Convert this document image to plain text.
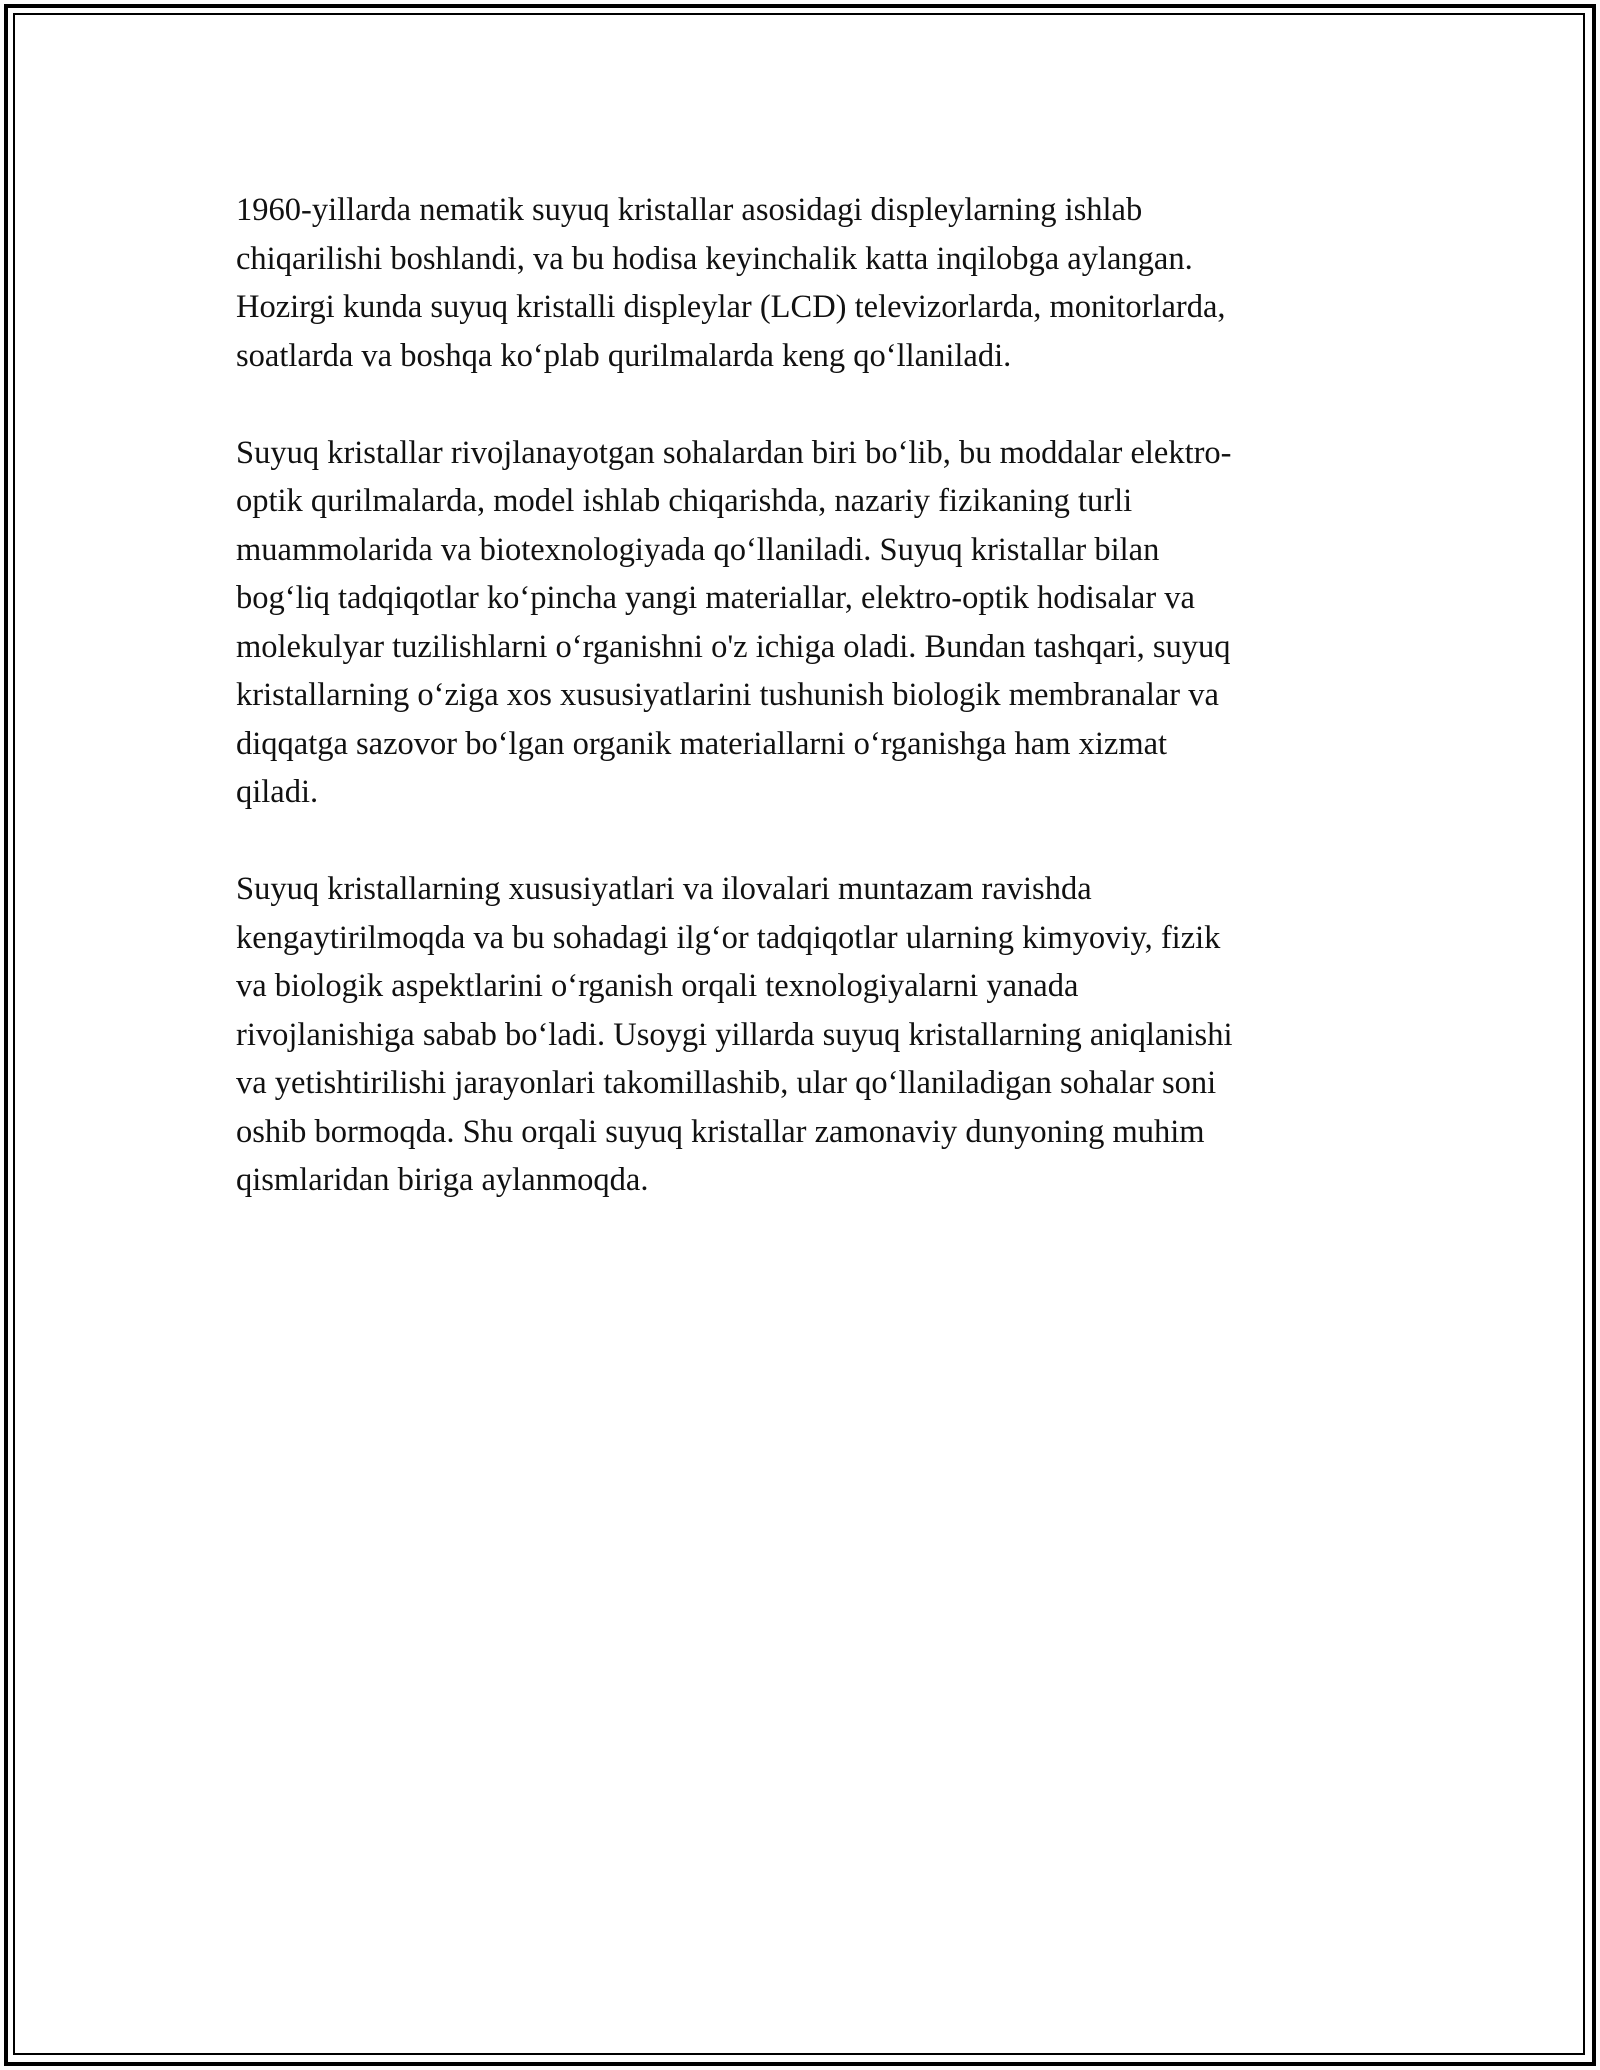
1960-yillarda nematik suyuq kristallar asosidagi displeylarning ishlab
chiqarilishi boshlandi, va bu hodisa keyinchalik katta inqilobga aylangan.
Hozirgi kunda suyuq kristalli displeylar (LCD) televizorlarda, monitorlarda,
soatlarda va boshqa ko‘plab qurilmalarda keng qo‘llaniladi.

Suyuq kristallar rivojlanayotgan sohalardan biri bo‘lib, bu moddalar elektro-
optik qurilmalarda, model ishlab chiqarishda, nazariy fizikaning turli
muammolarida va biotexnologiyada qo‘llaniladi. Suyuq kristallar bilan
bog‘liq tadqiqotlar ko‘pincha yangi materiallar, elektro-optik hodisalar va
molekulyar tuzilishlarni o‘rganishni o'z ichiga oladi. Bundan tashqari, suyuq
kristallarning o‘ziga xos xususiyatlarini tushunish biologik membranalar va
diqqatga sazovor bo‘lgan organik materiallarni o‘rganishga ham xizmat
qiladi.

Suyuq kristallarning xususiyatlari va ilovalari muntazam ravishda
kengaytirilmoqda va bu sohadagi ilg‘or tadqiqotlar ularning kimyoviy, fizik
va biologik aspektlarini o‘rganish orqali texnologiyalarni yanada
rivojlanishiga sabab bo‘ladi. Usoygi yillarda suyuq kristallarning aniqlanishi
va yetishtirilishi jarayonlari takomillashib, ular qo‘llaniladigan sohalar soni
oshib bormoqda. Shu orqali suyuq kristallar zamonaviy dunyoning muhim
qismlaridan biriga aylanmoqda.
